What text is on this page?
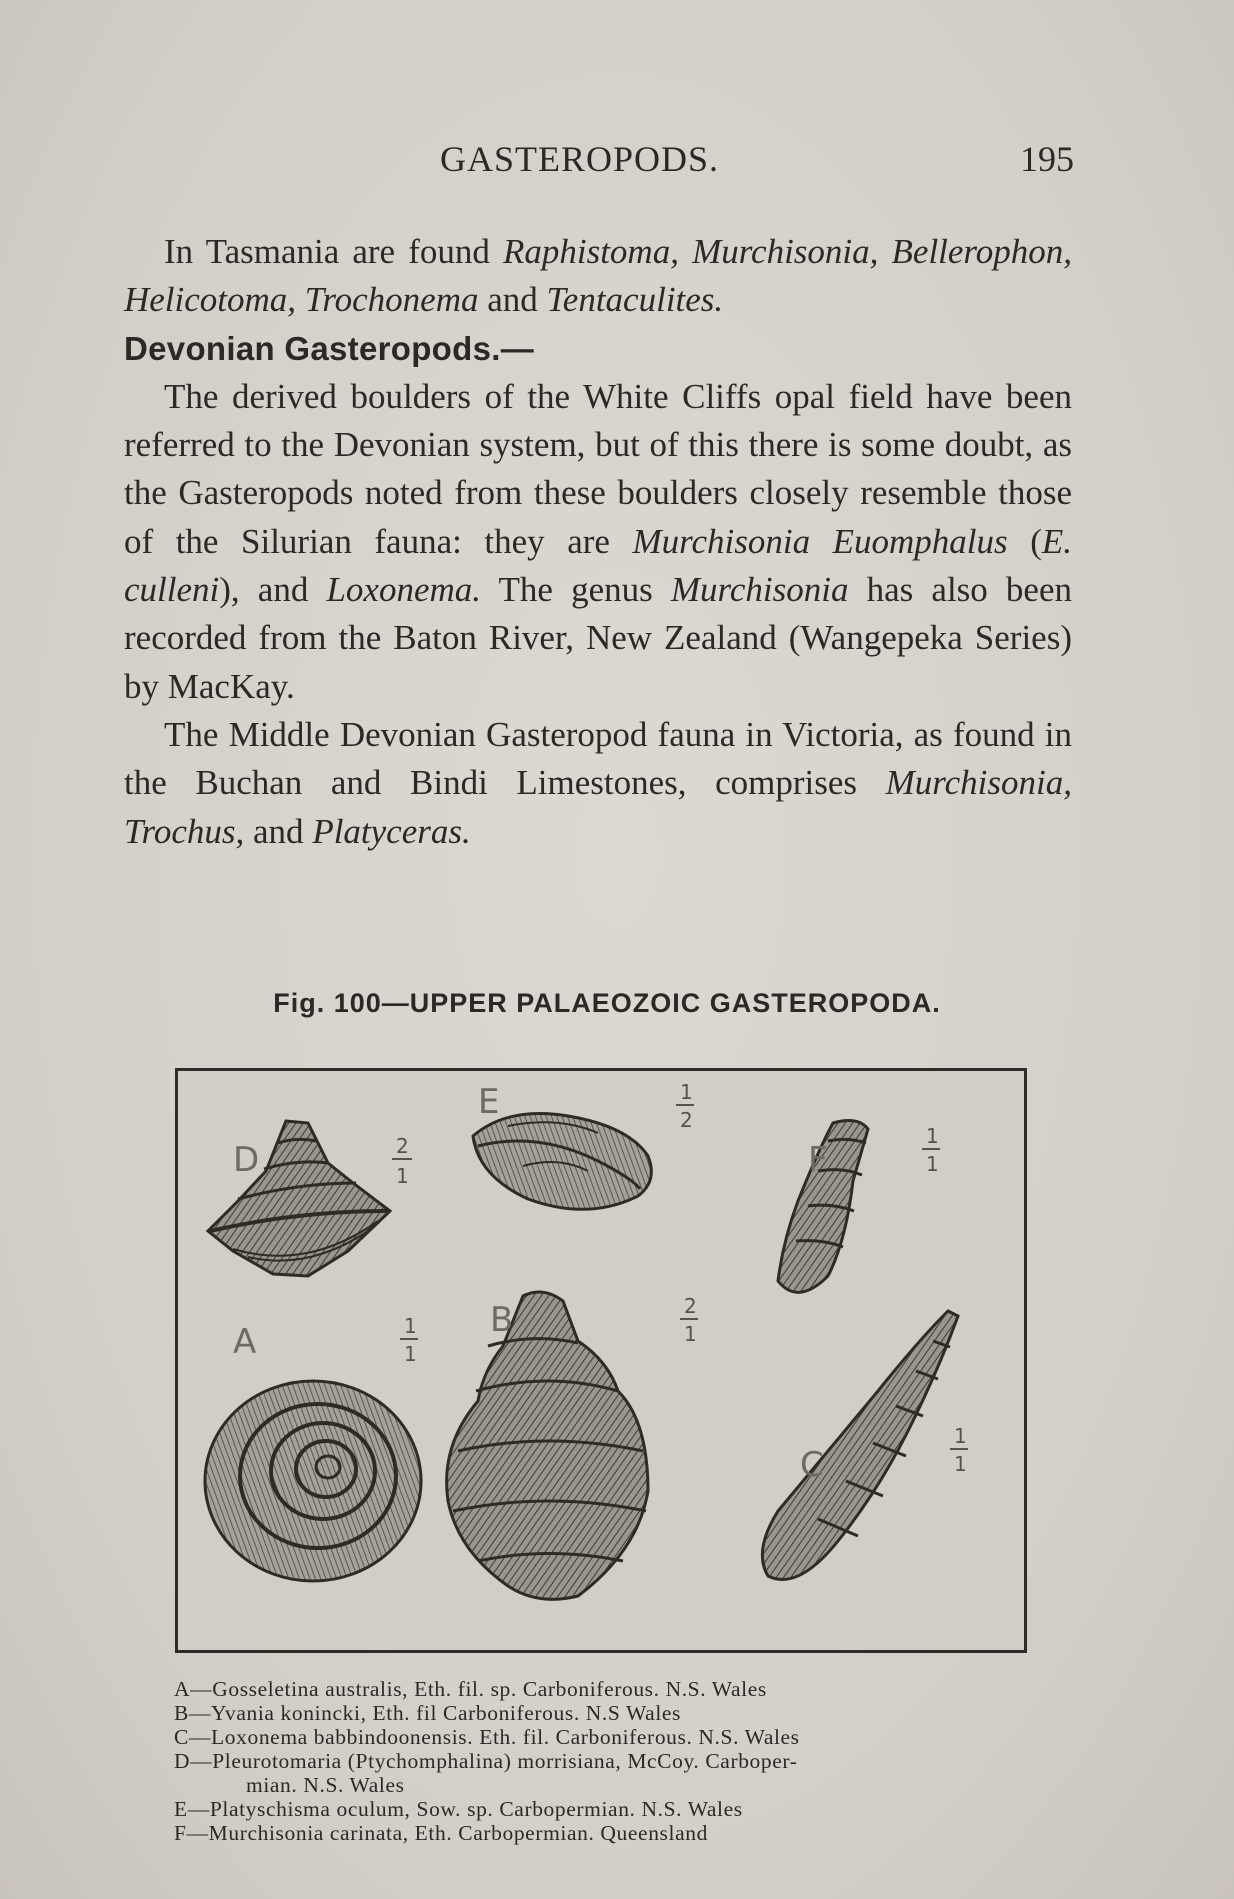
GASTEROPODS.	195

In Tasmania are found Raphistoma, Murchisonia, Bellerophon, Helicotoma, Trochonema and Tentaculites.

Devonian Gasteropods.—

The derived boulders of the White Cliffs opal field have been referred to the Devonian system, but of this there is some doubt, as the Gasteropods noted from these boulders closely resemble those of the Silurian fauna: they are Murchisonia Euomphalus (E. culleni), and Loxonema. The genus Murchisonia has also been recorded from the Baton River, New Zealand (Wangepeka Series) by MacKay.

The Middle Devonian Gasteropod fauna in Victoria, as found in the Buchan and Bindi Limestones, comprises Murchisonia, Trochus, and Platyceras.

Fig. 100—UPPER PALAEOZOIC GASTEROPODA.
D	2
1
E	1
2
F
1
1
A	1
1
B	2
1
C
1
1
A—Gosseletina australis, Eth. fil. sp. Carboniferous. N.S. Wales
B—Yvania konincki, Eth. fil Carboniferous. N.S Wales
C—Loxonema babbindoonensis. Eth. fil. Carboniferous. N.S. Wales
D—Pleurotomaria (Ptychomphalina) morrisiana, McCoy. Carboper-
mian. N.S. Wales
E—Platyschisma oculum, Sow. sp. Carbopermian. N.S. Wales
F—Murchisonia carinata, Eth. Carbopermian. Queensland
